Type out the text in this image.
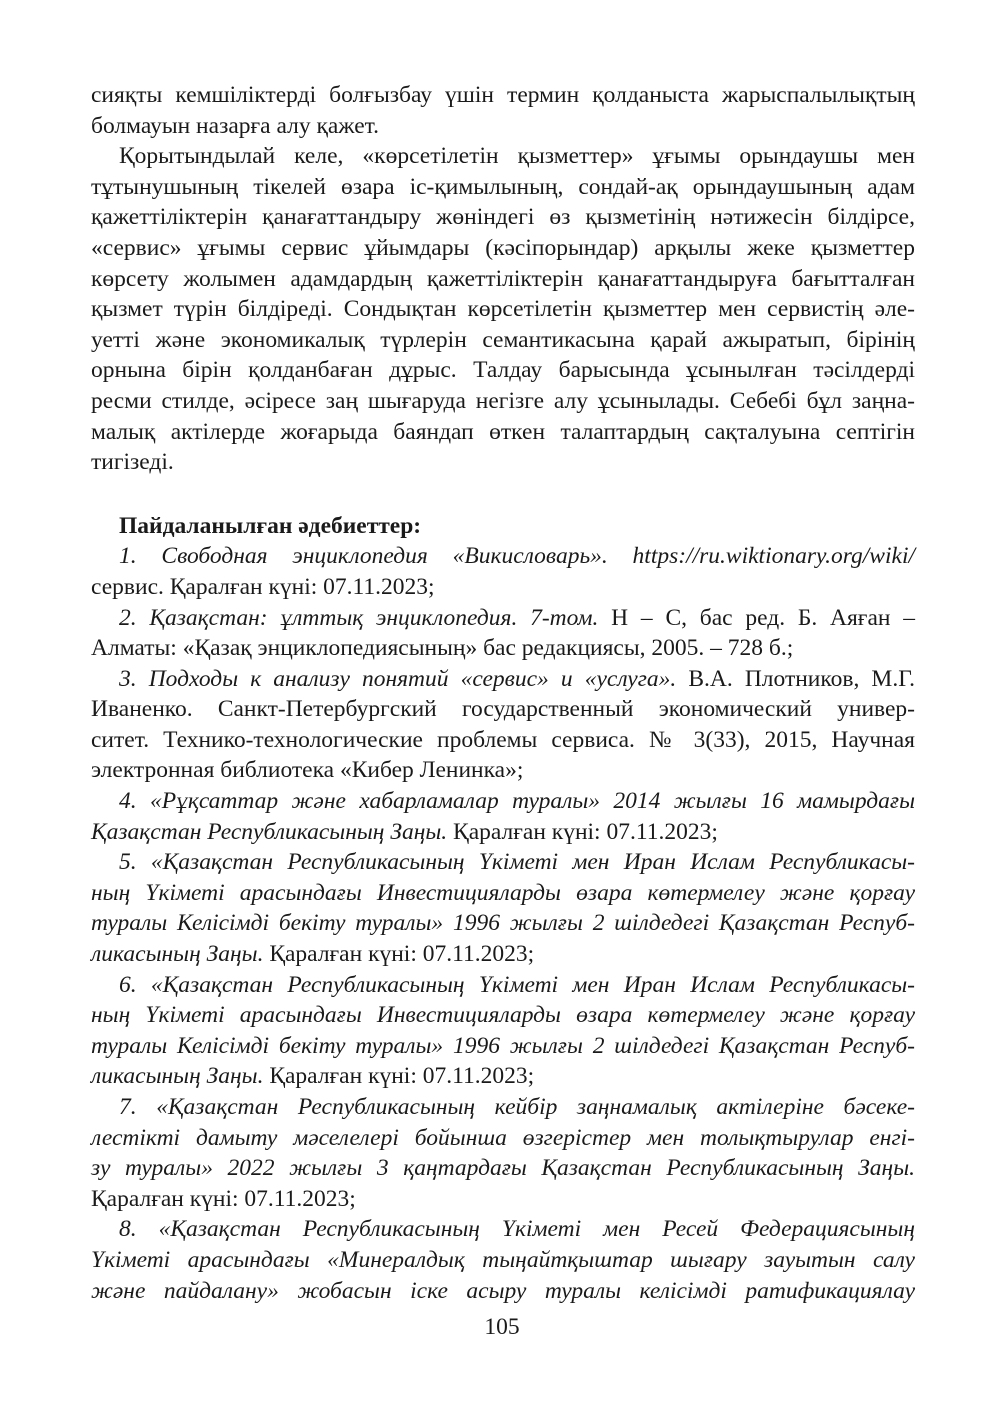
сияқты кемшіліктерді болғызбау үшін термин қолданыста жарыспалылықтың
болмауын назарға алу қажет.
Қорытындылай келе, «көрсетілетін қызметтер» ұғымы орындаушы мен
тұтынушының тікелей өзара іс-қимылының, сондай-ақ орындаушының адам
қажеттіліктерін қанағаттандыру жөніндегі өз қызметінің нәтижесін білдірсе,
«сервис» ұғымы сервис ұйымдары (кәсіпорындар) арқылы жеке қызметтер
көрсету жолымен адамдардың қажеттіліктерін қанағаттандыруға бағытталған
қызмет түрін білдіреді. Сондықтан көрсетілетін қызметтер мен сервистің әле-
уетті және экономикалық түрлерін семантикасына қарай ажыратып, бірінің
орнына бірін қолданбаған дұрыс. Талдау барысында ұсынылған тәсілдерді
ресми стилде, әсіресе заң шығаруда негізге алу ұсынылады. Себебі бұл заңна-
малық актілерде жоғарыда баяндап өткен талаптардың сақталуына септігін
тигізеді.
Пайдаланылған әдебиеттер:
1. Свободная энциклопедия «Викисловарь». https://ru.wiktionary.org/wiki/
сервис. Қаралған күні: 07.11.2023;
2. Қазақстан: ұлттық энциклопедия. 7-том. Н – С, бас ред. Б. Аяған –
Алматы: «Қазақ энциклопедиясының» бас редакциясы, 2005. – 728 б.;
3. Подходы к анализу понятий «сервис» и «услуга». В.А. Плотников, М.Г.
Иваненко. Санкт-Петербургский государственный экономический универ-
ситет. Технико-технологические проблемы сервиса. № 3(33), 2015, Научная
электронная библиотека «Кибер Ленинка»;
4. «Рұқсаттар және хабарламалар туралы» 2014 жылғы 16 мамырдағы
Қазақстан Республикасының Заңы. Қаралған күні: 07.11.2023;
5. «Қазақстан Республикасының Үкіметі мен Иран Ислам Республикасы-
ның Үкіметі арасындағы Инвестицияларды өзара көтермелеу және қорғау
туралы Келісімді бекіту туралы» 1996 жылғы 2 шілдедегі Қазақстан Респуб-
ликасының Заңы. Қаралған күні: 07.11.2023;
6. «Қазақстан Республикасының Үкіметі мен Иран Ислам Республикасы-
ның Үкіметі арасындағы Инвестицияларды өзара көтермелеу және қорғау
туралы Келісімді бекіту туралы» 1996 жылғы 2 шілдедегі Қазақстан Респуб-
ликасының Заңы. Қаралған күні: 07.11.2023;
7. «Қазақстан Республикасының кейбір заңнамалық актілеріне бәсеке-
лестікті дамыту мәселелері бойынша өзгерістер мен толықтырулар енгі-
зу туралы» 2022 жылғы 3 қаңтардағы Қазақстан Республикасының Заңы.
Қаралған күні: 07.11.2023;
8. «Қазақстан Республикасының Үкіметі мен Ресей Федерациясының
Үкіметі арасындағы «Минералдық тыңайтқыштар шығару зауытын салу
және пайдалану» жобасын іске асыру туралы келісімді ратификациялау
105
